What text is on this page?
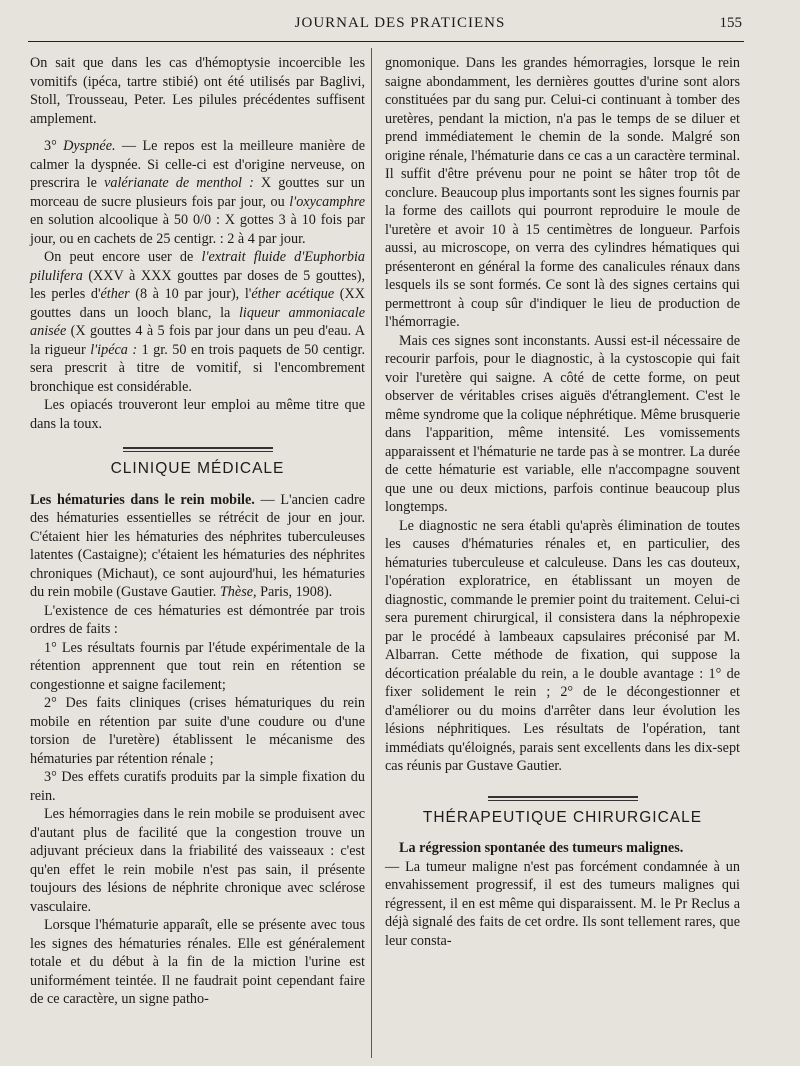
JOURNAL DES PRATICIENS	155

On sait que dans les cas d'hémoptysie incoercible les vomitifs (ipéca, tartre stibié) ont été utilisés par Baglivi, Stoll, Trousseau, Peter. Les pilules précédentes suffisent amplement.

3° Dyspnée. — Le repos est la meilleure manière de calmer la dyspnée. Si celle-ci est d'origine nerveuse, on prescrira le valérianate de menthol : X gouttes sur un morceau de sucre plusieurs fois par jour, ou l'oxycamphre en solution alcoolique à 50 0/0 : X gottes 3 à 10 fois par jour, ou en cachets de 25 centigr. : 2 à 4 par jour.

On peut encore user de l'extrait fluide d'Euphorbia pilulifera (XXV à XXX gouttes par doses de 5 gouttes), les perles d'éther (8 à 10 par jour), l'éther acétique (XX gouttes dans un looch blanc, la liqueur ammoniacale anisée (X gouttes 4 à 5 fois par jour dans un peu d'eau. A la rigueur l'ipéca : 1 gr. 50 en trois paquets de 50 centigr. sera prescrit à titre de vomitif, si l'encombrement bronchique est considérable.

Les opiacés trouveront leur emploi au même titre que dans la toux.

CLINIQUE MÉDICALE

Les hématuries dans le rein mobile. — L'ancien cadre des hématuries essentielles se rétrécit de jour en jour. C'étaient hier les hématuries des néphrites tuberculeuses latentes (Castaigne); c'étaient les hématuries des néphrites chroniques (Michaut), ce sont aujourd'hui, les hématuries du rein mobile (Gustave Gautier. Thèse, Paris, 1908).

L'existence de ces hématuries est démontrée par trois ordres de faits :

1° Les résultats fournis par l'étude expérimentale de la rétention apprennent que tout rein en rétention se congestionne et saigne facilement;

2° Des faits cliniques (crises hématuriques du rein mobile en rétention par suite d'une coudure ou d'une torsion de l'uretère) établissent le mécanisme des hématuries par rétention rénale ;

3° Des effets curatifs produits par la simple fixation du rein.

Les hémorragies dans le rein mobile se produisent avec d'autant plus de facilité que la congestion trouve un adjuvant précieux dans la friabilité des vaisseaux : c'est qu'en effet le rein mobile n'est pas sain, il présente toujours des lésions de néphrite chronique avec sclérose vasculaire.

Lorsque l'hématurie apparaît, elle se présente avec tous les signes des hématuries rénales. Elle est généralement totale et du début à la fin de la miction l'urine est uniformément teintée. Il ne faudrait point cependant faire de ce caractère, un signe patho-

gnomonique. Dans les grandes hémorragies, lorsque le rein saigne abondamment, les dernières gouttes d'urine sont alors constituées par du sang pur. Celui-ci continuant à tomber des uretères, pendant la miction, n'a pas le temps de se diluer et prend immédiatement le chemin de la sonde. Malgré son origine rénale, l'hématurie dans ce cas a un caractère terminal. Il suffit d'être prévenu pour ne point se hâter trop tôt de conclure. Beaucoup plus importants sont les signes fournis par la forme des caillots qui pourront reproduire le moule de l'uretère et avoir 10 à 15 centimètres de longueur. Parfois aussi, au microscope, on verra des cylindres hématiques qui présenteront en général la forme des canalicules rénaux dans lesquels ils se sont formés. Ce sont là des signes certains qui permettront à coup sûr d'indiquer le lieu de production de l'hémorragie.

Mais ces signes sont inconstants. Aussi est-il nécessaire de recourir parfois, pour le diagnostic, à la cystoscopie qui fait voir l'uretère qui saigne. A côté de cette forme, on peut observer de véritables crises aiguës d'étranglement. C'est le même syndrome que la colique néphrétique. Même brusquerie dans l'apparition, même intensité. Les vomissements apparaissent et l'hématurie ne tarde pas à se montrer. La durée de cette hématurie est variable, elle n'accompagne souvent que une ou deux mictions, parfois continue beaucoup plus longtemps.

Le diagnostic ne sera établi qu'après élimination de toutes les causes d'hématuries rénales et, en particulier, des hématuries tuberculeuse et calculeuse. Dans les cas douteux, l'opération exploratrice, en établissant un moyen de diagnostic, commande le premier point du traitement. Celui-ci sera purement chirurgical, il consistera dans la néphropexie par le procédé à lambeaux capsulaires préconisé par M. Albarran. Cette méthode de fixation, qui suppose la décortication préalable du rein, a le double avantage : 1° de fixer solidement le rein ; 2° de le décongestionner et d'améliorer ou du moins d'arrêter dans leur évolution les lésions néphritiques. Les résultats de l'opération, tant immédiats qu'éloignés, parais sent excellents dans les dix-sept cas réunis par Gustave Gautier.

THÉRAPEUTIQUE CHIRURGICALE

La régression spontanée des tumeurs malignes.

— La tumeur maligne n'est pas forcément condamnée à un envahissement progressif, il est des tumeurs malignes qui régressent, il en est même qui disparaissent. M. le Pr Reclus a déjà signalé des faits de cet ordre. Ils sont tellement rares, que leur consta-
